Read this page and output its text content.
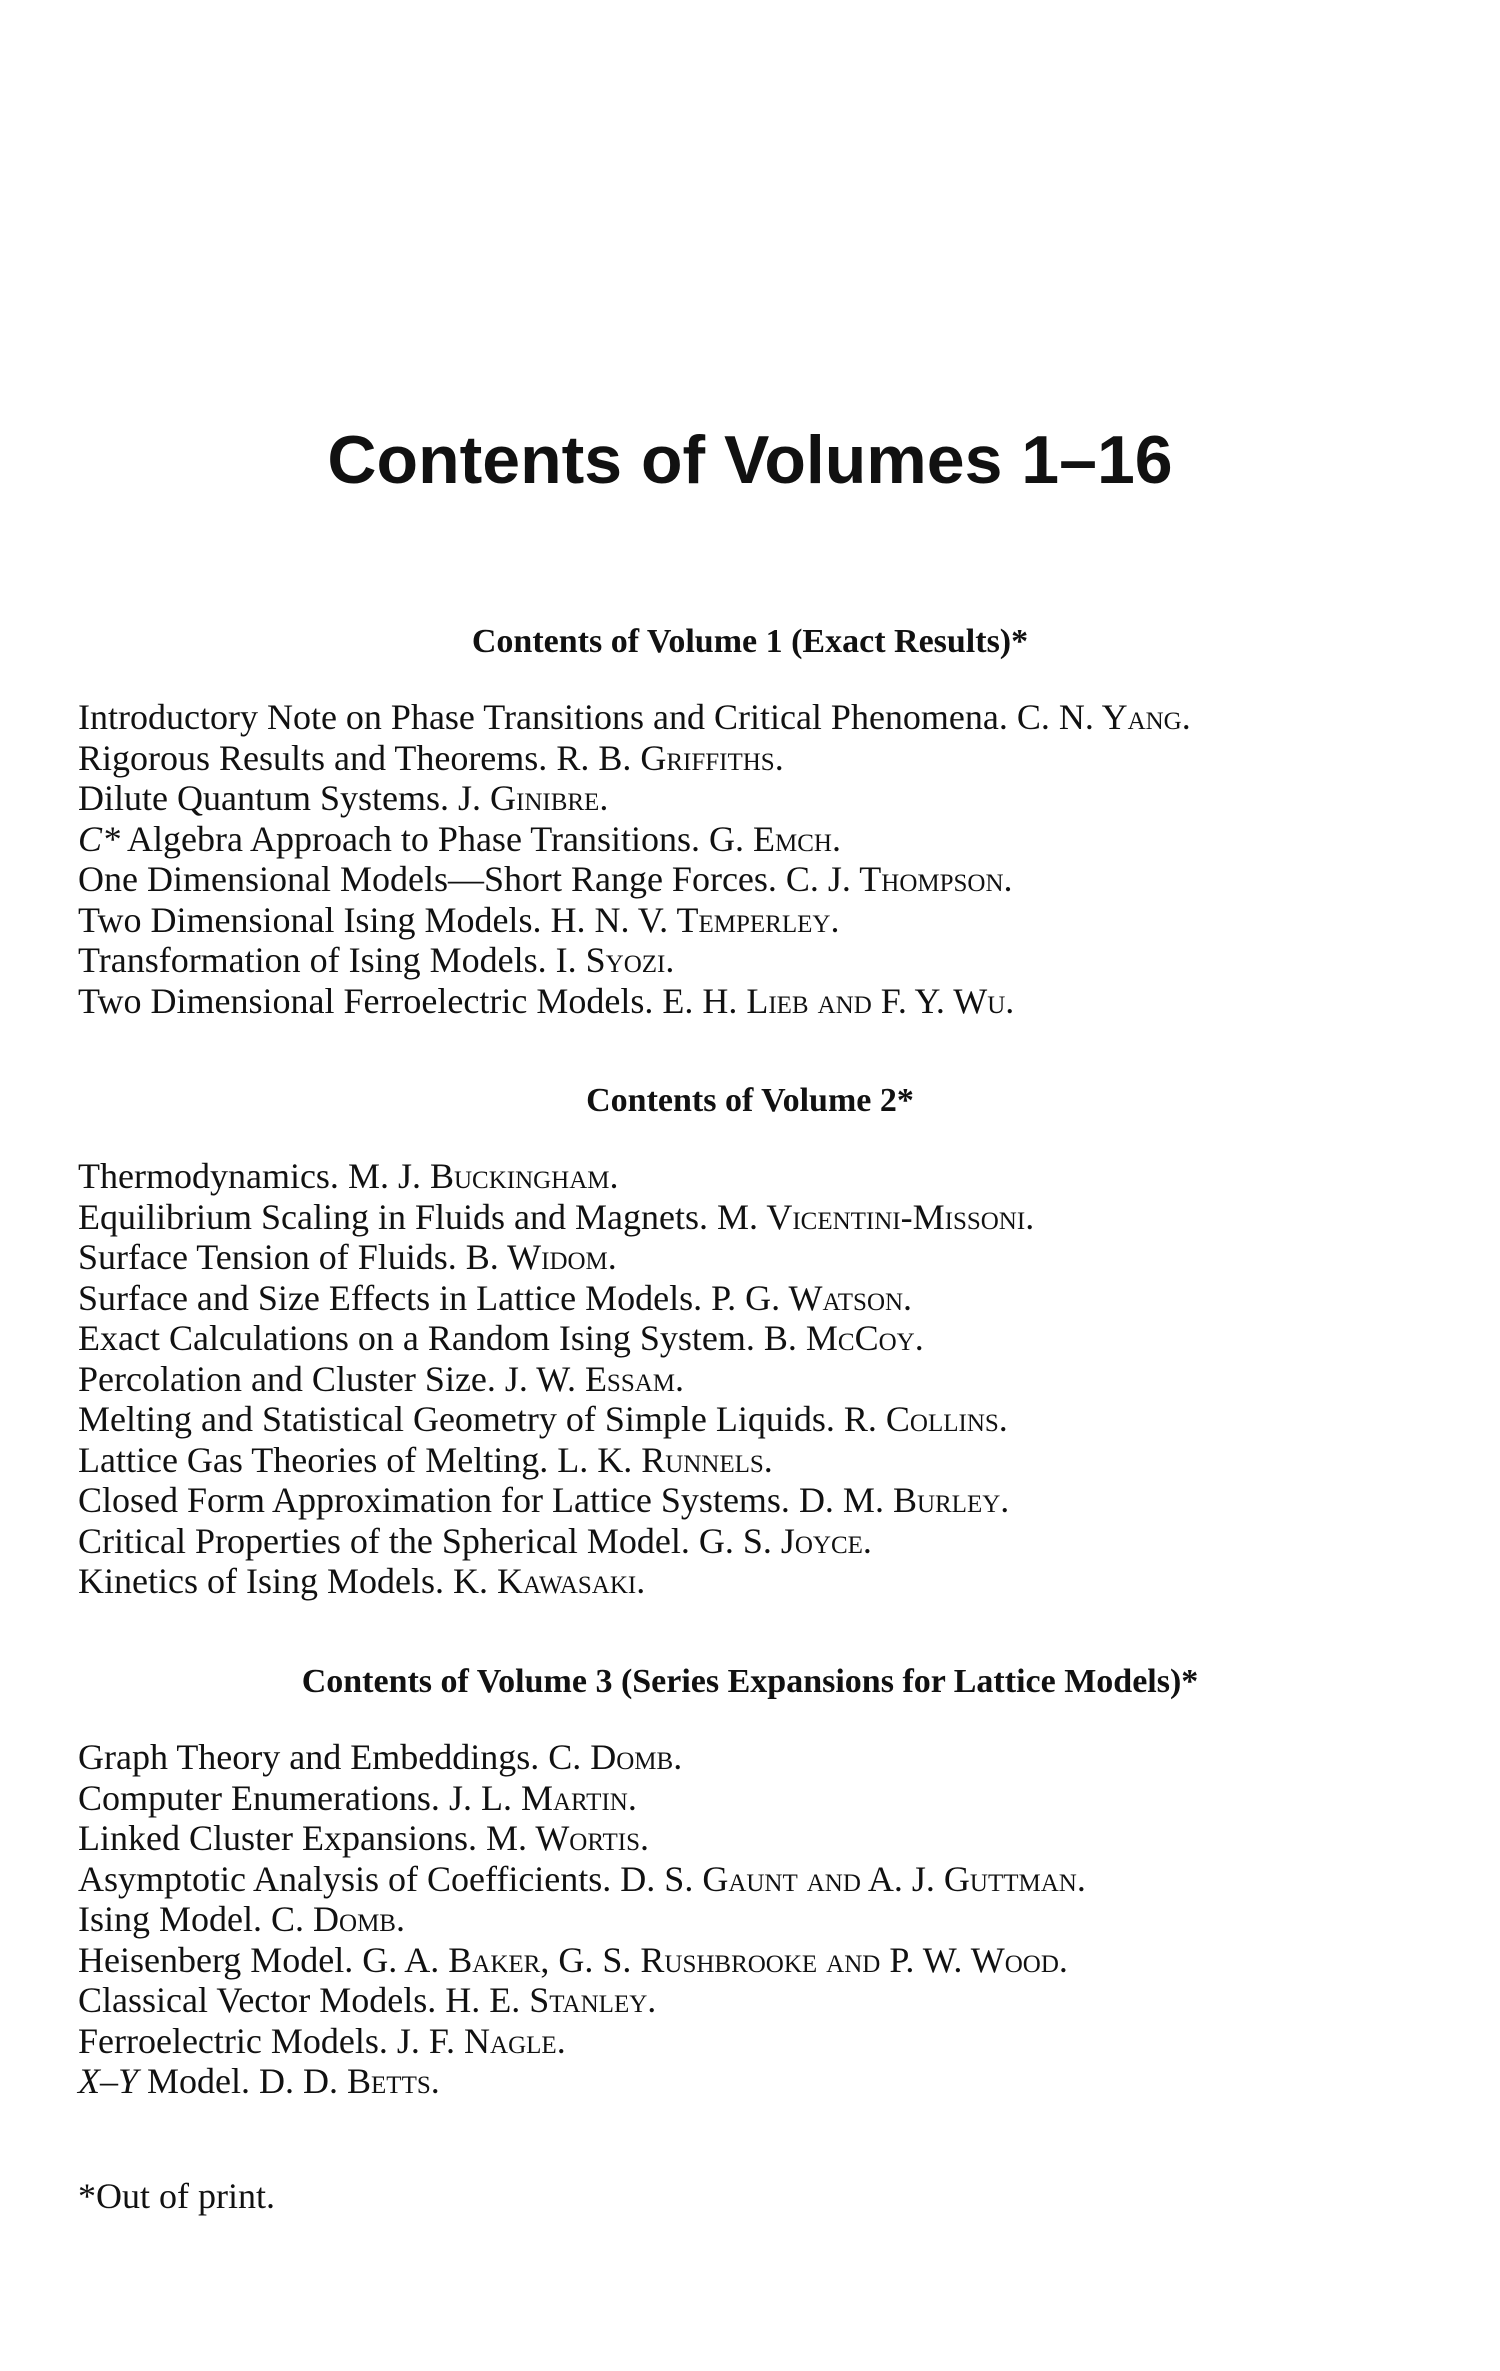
Contents of Volumes 1–16
Contents of Volume 1 (Exact Results)*
Introductory Note on Phase Transitions and Critical Phenomena. C. N. Yang.
Rigorous Results and Theorems. R. B. Griffiths.
Dilute Quantum Systems. J. Ginibre.
C* Algebra Approach to Phase Transitions. G. Emch.
One Dimensional Models—Short Range Forces. C. J. Thompson.
Two Dimensional Ising Models. H. N. V. Temperley.
Transformation of Ising Models. I. Syozi.
Two Dimensional Ferroelectric Models. E. H. Lieb and F. Y. Wu.
Contents of Volume 2*
Thermodynamics. M. J. Buckingham.
Equilibrium Scaling in Fluids and Magnets. M. Vicentini-Missoni.
Surface Tension of Fluids. B. Widom.
Surface and Size Effects in Lattice Models. P. G. Watson.
Exact Calculations on a Random Ising System. B. McCoy.
Percolation and Cluster Size. J. W. Essam.
Melting and Statistical Geometry of Simple Liquids. R. Collins.
Lattice Gas Theories of Melting. L. K. Runnels.
Closed Form Approximation for Lattice Systems. D. M. Burley.
Critical Properties of the Spherical Model. G. S. Joyce.
Kinetics of Ising Models. K. Kawasaki.
Contents of Volume 3 (Series Expansions for Lattice Models)*
Graph Theory and Embeddings. C. Domb.
Computer Enumerations. J. L. Martin.
Linked Cluster Expansions. M. Wortis.
Asymptotic Analysis of Coefficients. D. S. Gaunt and A. J. Guttman.
Ising Model. C. Domb.
Heisenberg Model. G. A. Baker, G. S. Rushbrooke and P. W. Wood.
Classical Vector Models. H. E. Stanley.
Ferroelectric Models. J. F. Nagle.
X–Y Model. D. D. Betts.

*Out of print.
